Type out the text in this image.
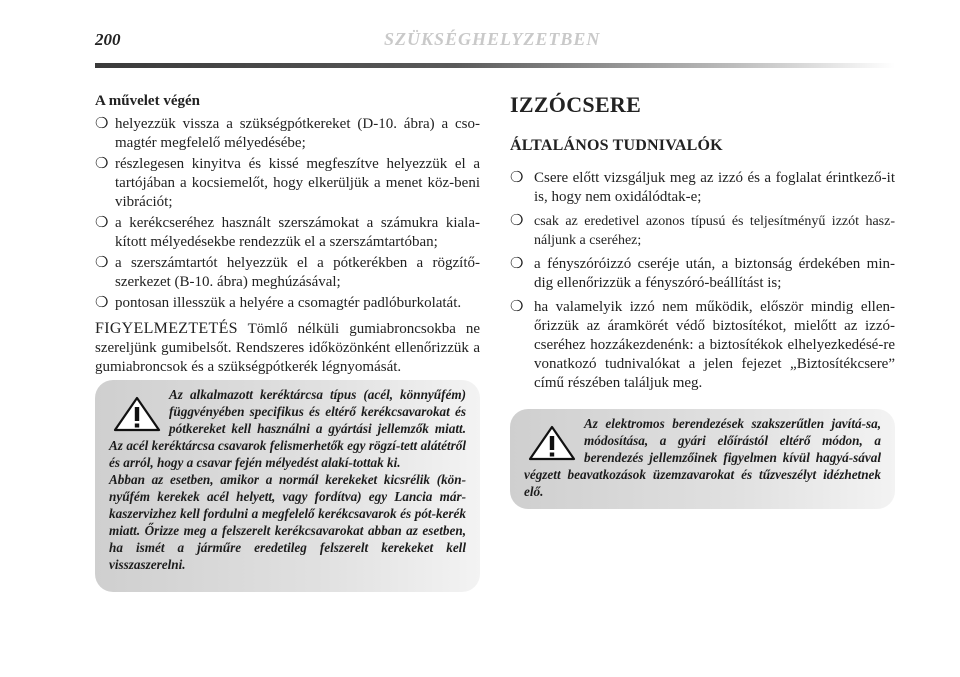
200	SZÜKSÉGHELYZETBEN
A művelet végén
❍ helyezzük vissza a szükségpótkereket (D-10. ábra) a cso-magtér megfelelő mélyedésébe;
❍ részlegesen kinyitva és kissé megfeszítve helyezzük el a tartójában a kocsiemelőt, hogy elkerüljük a menet köz-beni vibrációt;
❍ a kerékcseréhez használt szerszámokat a számukra kiala-kított mélyedésekbe rendezzük el a szerszámtartóban;
❍ a szerszámtartót helyezzük el a pótkerékben a rögzítő-szerkezet (B-10. ábra) meghúzásával;
❍ pontosan illesszük a helyére a csomagtér padlóburkolatát.
FIGYELMEZTETÉS Tömlő nélküli gumiabroncsokba ne szereljünk gumibelsőt. Rendszeres időközönként ellenőrizzük a gumiabroncsok és a szükségpótkerék légnyomását.

Az alkalmazott keréktárcsa típus (acél, könnyűfém) függvényében specifikus és eltérő kerékcsavarokat és pótkereket kell használni a gyártási jellemzők miatt. Az acél keréktárcsa csavarok felismerhetők egy rögzí-tett alátétről és arról, hogy a csavar fején mélyedést alakí-tottak ki.

Abban az esetben, amikor a normál kerekeket kicsrélik (kön-nyűfém kerekek acél helyett, vagy fordítva) egy Lancia már-kaszervizhez kell fordulni a megfelelő kerékcsavarok és pót-kerék miatt. Őrizze meg a felszerelt kerékcsavarokat abban az esetben, ha ismét a járműre eredetileg felszerelt kerekeket kell visszaszerelni.

IZZÓCSERE
ÁLTALÁNOS TUDNIVALÓK
❍ Csere előtt vizsgáljuk meg az izzó és a foglalat érintkező-it is, hogy nem oxidálódtak-e;
❍ csak az eredetivel azonos típusú és teljesítményű izzót hasz-náljunk a cseréhez;
❍ a fényszóróizzó cseréje után, a biztonság érdekében min-dig ellenőrizzük a fényszóró-beállítást is;
❍ ha valamelyik izzó nem működik, először mindig ellen-őrizzük az áramkörét védő biztosítékot, mielőtt az izzó-cseréhez hozzákezdenénk: a biztosítékok elhelyezkedésé-re vonatkozó tudnivalókat a jelen fejezet „Biztosítékcsere” című részében találjuk meg.

Az elektromos berendezések szakszerűtlen javítá-sa, módosítása, a gyári előírástól eltérő módon, a berendezés jellemzőinek figyelmen kívül hagyá-sával végzett beavatkozások üzemzavarokat és tűzveszélyt idézhetnek elő.
